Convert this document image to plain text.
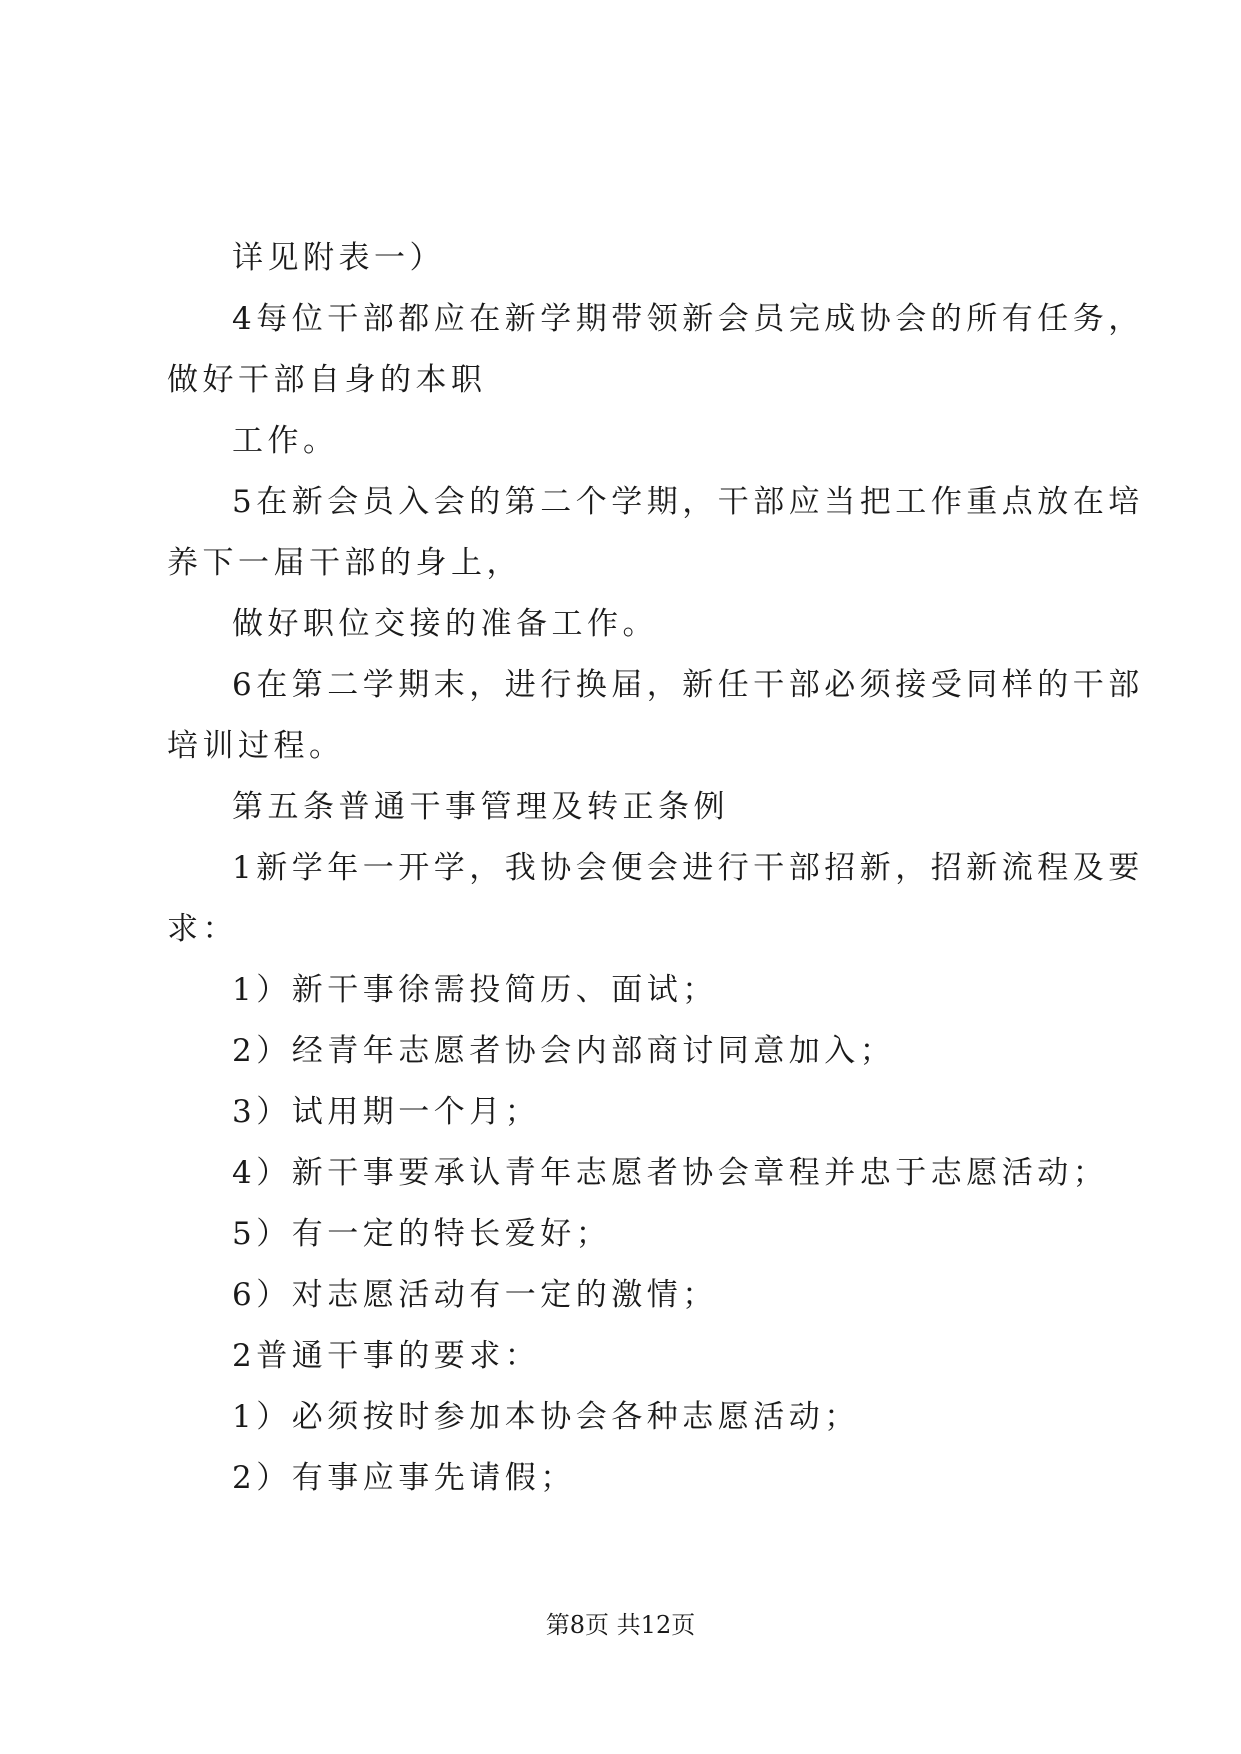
详见附表一）
4每位干部都应在新学期带领新会员完成协会的所有任务，
做好干部自身的本职
工作。
5在新会员入会的第二个学期，干部应当把工作重点放在培
养下一届干部的身上，
做好职位交接的准备工作。
6在第二学期末，进行换届，新任干部必须接受同样的干部
培训过程。
第五条普通干事管理及转正条例
1新学年一开学，我协会便会进行干部招新，招新流程及要
求：
1）新干事徐需投简历、面试；
2）经青年志愿者协会内部商讨同意加入；
3）试用期一个月；
4）新干事要承认青年志愿者协会章程并忠于志愿活动；
5）有一定的特长爱好；
6）对志愿活动有一定的激情；
2普通干事的要求：
1）必须按时参加本协会各种志愿活动；
2）有事应事先请假；
第8页 共12页
